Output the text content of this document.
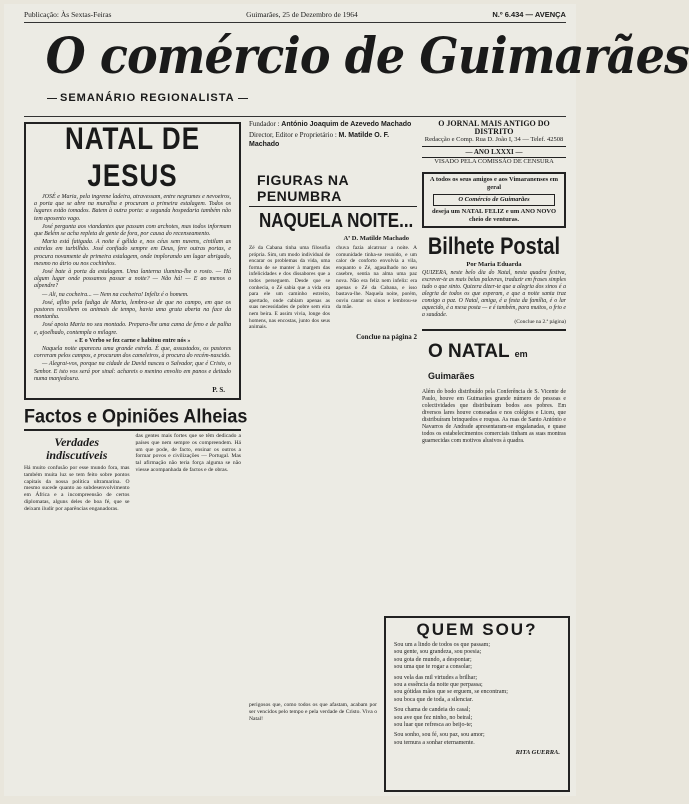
Publicação: Às Sextas-Feiras	Guimarães, 25 de Dezembro de 1964	N.º 6.434 — AVENÇA
O comércio de Guimarães
SEMANÁRIO REGIONALISTA
Fundador : António Joaquim de Azevedo Machado
Director, Editor e Proprietário : M. Matilde O. F. Machado
O JORNAL MAIS ANTIGO DO DISTRITO
Redacção e Comp. Rua D. João I, 34 — Telef. 42508
— ANO LXXXI —
VISADO PELA COMISSÃO DE CENSURA
NATAL DE JESUS

JOSÉ e Maria, pela ingreme ladeira, atravessam, entre negrumes e nevoeiros, a porta que se abre na muralha e procuram a primeira estalagem. Todos os lugares estão tomados. Batem à outra porta: a segunda hospedaria também não tem aposento vago.

José pergunta aos viandantes que passam com archotes, mas todos informam que Belém se acha repleta de gente de fora, por causa do recenseamento.

Maria está fatigada. A noite é gélida e, nos céus sem nuvens, cintilam as estrelas em turbilhão. José confiado sempre em Deus, fere outras portas, e procura novamente de primeira estalagem, onde implorando um lugar abrigado, mesmo no átrio ou nos cochinhos.

José bate à porta da estalagem. Uma lanterna ilumina-lhe o rosto. — Há algum lugar onde possamos passar a noite? — Não há! — E ao menos o alpendre?

— Ali, na cocheira... — Nem na cocheira! Infeliz é o homem.

José, aflito pela fadiga de Maria, lembra-se de que no campo, em que os pastores recolhem os animais de tempo, havia uma gruta aberta na face da montanha.

José apoia Maria no seu montado. Prepara-lhe uma cama de feno e de palha e, ajoelhado, contempla o milagre.

« E o Verbo se fez carne e habitou entre nós »

Naquela noite apareceu uma grande estrela. É que, assustados, os pastores correram pelos campos, e procuram dos cameleiros, à procura do recém-nascido.

— Alegrai-vos, porque na cidade de David nasceu o Salvador, que é Cristo, o Senhor. E isto vos será por sinal: achareis o menino envolto em panos e deitado numa manjedoura.

P. S.
Factos e Opiniões Alheias
Verdades indiscutíveis
Há muito confusão por esse mundo fora, mas também muita luz se tem feito sobre pontos capitais da nossa política ultramarina. O mesmo sucede quanto ao subdesenvolvimento em África e a incompreensão de certos diplomatas, alguns deles de boa fé, que se deixam iludir por aparências enganadoras.
das gentes mais fortes que se têm dedicado a países que nem sempre os compreendem. Há um que pode, de facto, ensinar os outros a formar povos e civilizações — Portugal. Mas tal afirmação não teria força alguma se não viesse acompanhada de factos e de obras.
FIGURAS NA PENUMBRA
NAQUELA NOITE...
Aª D. Matilde Machado
Zé da Cabana tinha uma filosofia própria. Sim, um modo individual de encarar os problemas da vida, uma forma de se manter à margem das infelicidades e dos dissabores que a todos perseguem. Desde que se conhecia, o Zé sabia que a vida era para ele um caminho estreito, apertado, onde cabiam apenas as suas necessidades de pobre sem eira nem beira. E assim vivia, longe dos homens, nas encostas, junto dos seus animais.
chuva fazia alcatroar a noite. A comunidade tinha-se reunido, e um calor de conforto envolvia a vila, enquanto o Zé, agasalhado no seu casebre, sentia na alma uma paz nova. Não era feliz nem infeliz: era apenas o Zé da Cabana, e isso bastava-lhe. Naquela noite, porém, ouviu cantar os sinos e lembrou-se da mãe.
Conclue na página 2
perigosos que, como todos os que afastam, acabam por ser vencidos pelo tempo e pela verdade de Cristo. Viva o Natal!
A todos os seus amigos e aos Vimaranenses em geral
O Comércio de Guimarães
deseja um NATAL FELIZ e um ANO NOVO cheio de venturas.
Bilhete Postal
Por Maria Eduarda
QUIZERA, neste belo dia do Natal, nesta quadra festiva, escrever-te as mais belas palavras, traduzir em frases simples tudo o que sinto. Quizera dizer-te que a alegria dos sinos é a alegria de todos os que esperam, e que a noite santa traz consigo a paz. O Natal, amiga, é a festa da família, é o lar aquecido, é a mesa posta — e é também, para muitos, o frio e a saudade.
(Conclue na 2.ª página)
O NATAL em Guimarães
Além do bodo distribuído pela Conferência de S. Vicente de Paulo, houve em Guimarães grande número de pessoas e colectividades que distribuíram bodos aos pobres. Em diversos lares houve consoadas e nos colégios e Liceu, que distribuíram brinquedos e roupas. As ruas de Santo António e Navarros de Andrade apresentaram-se engalanadas, e quase todos os estabelecimentos comerciais tinham as suas montras guarnecidas com motivos alusivos à quadra.
QUEM SOU?
Sou um a lindo de todos os que passam;
sou gente, sou grandeza, sou poesia;
sou gota de mundo, a despontar;
sou uma que te rogar a consolar;

sou vela das mil virtudes a brilhar;
sou a essência da noite que perpassa;
sou gótidas mãos que se erguem, se encontram;
sou boca que de toda, a silenciar.

Sou chama de candeia do casal;
sou ave que fez ninho, no beiral;
sou luar que refresca ao beijo-te;

Sou sonho, sou fé, sou paz, sou amor;
sou ternura a sonhar eternamente.
RITA GUERRA.
